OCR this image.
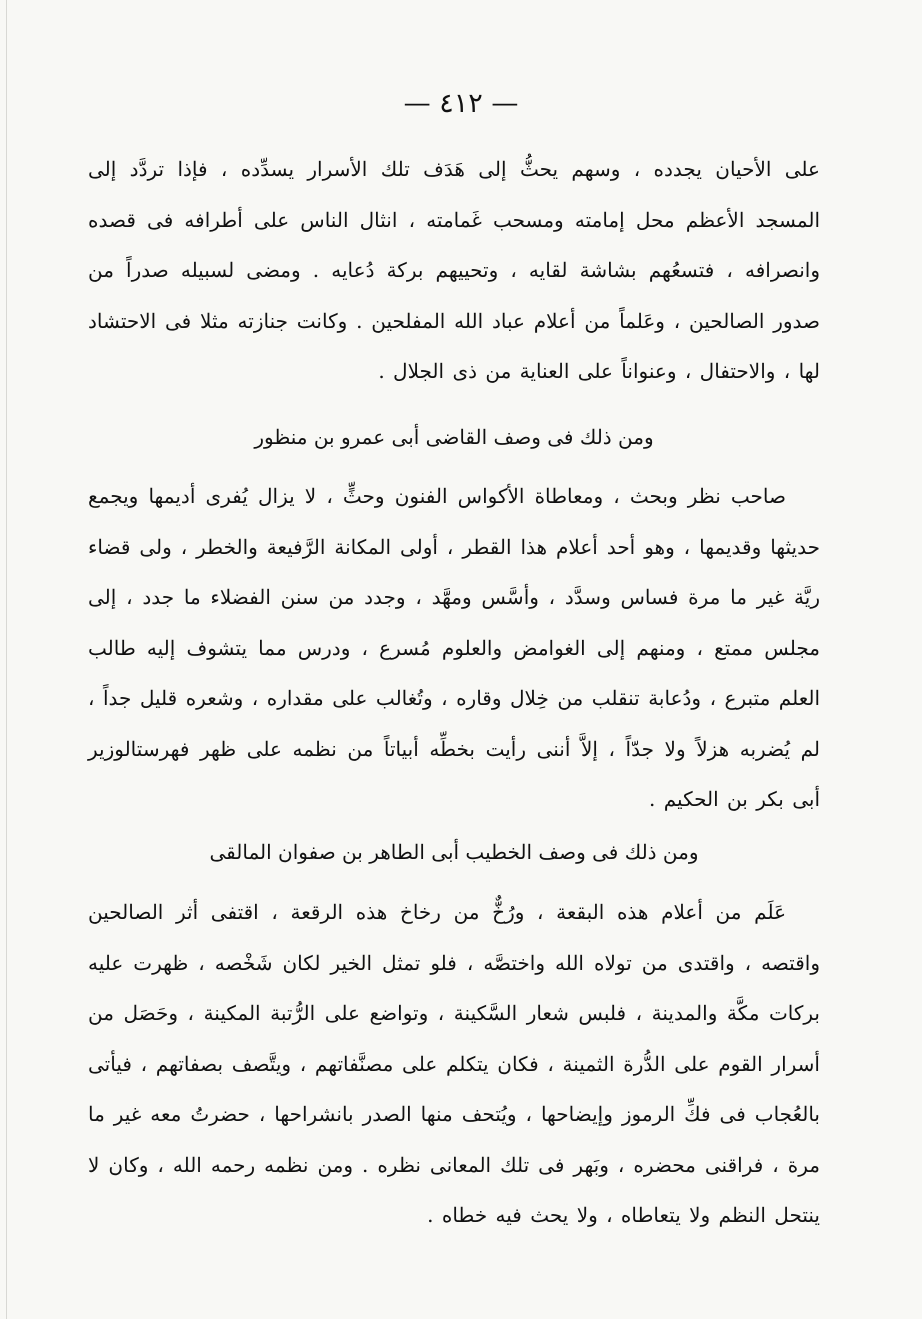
— ٤١٢ —
على الأحيان يجدده ، وسهم يحثُّ إلى هَدَف تلك الأسرار يسدِّده ، فإذا تردَّد إلى المسجد الأعظم محل إمامته ومسحب غَمامته ، انثال الناس على أطرافه فى قصده وانصرافه ، فتسعُهم بشاشة لقايه ، وتحييهم بركة دُعايه . ومضى لسبيله صدراً من صدور الصالحين ، وعَلماً من أعلام عباد الله المفلحين . وكانت جنازته مثلا فى الاحتشاد لها ، والاحتفال ، وعنواناً على العناية من ذى الجلال .
ومن ذلك فى وصف القاضى أبى عمرو بن منظور
صاحب نظر وبحث ، ومعاطاة الأكواس الفنون وحثٍّ ، لا يزال يُفرى أديمها ويجمع حديثها وقديمها ، وهو أحد أعلام هذا القطر ، أولى المكانة الرَّفيعة والخطر ، ولى قضاء ريَّة غير ما مرة فساس وسدَّد ، وأسَّس ومهَّد ، وجدد من سنن الفضلاء ما جدد ، إلى مجلس ممتع ، ومنهم إلى الغوامض والعلوم مُسرع ، ودرس مما يتشوف إليه طالب العلم متبرع ، ودُعابة تنقلب من خِلال وقاره ، وتُغالب على مقداره ، وشعره قليل جداً ، لم يُضربه هزلاً ولا جدّاً ، إلاَّ أننى رأيت بخطِّه أبياتاً من نظمه على ظهر فهرستالوزير أبى بكر بن الحكيم .
ومن ذلك فى وصف الخطيب أبى الطاهر بن صفوان المالقى
عَلَم من أعلام هذه البقعة ، ورُخٌّ من رخاخ هذه الرقعة ، اقتفى أثر الصالحين واقتصه ، واقتدى من تولاه الله واختصَّه ، فلو تمثل الخير لكان شَخْصه ، ظهرت عليه بركات مكَّة والمدينة ، فلبس شعار السَّكينة ، وتواضع على الرُّتبة المكينة ، وحَصَل من أسرار القوم على الدُّرة الثمينة ، فكان يتكلم على مصنَّفاتهم ، ويتَّصف بصفاتهم ، فيأتى بالعُجاب فى فكِّ الرموز وإيضاحها ، ويُتحف منها الصدر بانشراحها ، حضرتُ معه غير ما مرة ، فراقنى محضره ، وبَهر فى تلك المعانى نظره . ومن نظمه رحمه الله ، وكان لا ينتحل النظم ولا يتعاطاه ، ولا يحث فيه خطاه .
